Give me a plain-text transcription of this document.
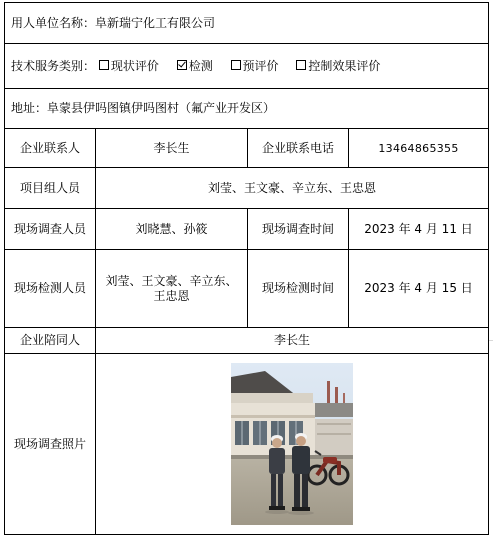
用人单位名称：阜新瑞宁化工有限公司			
技术服务类别： 现状评价 检测 预评价 控制效果评价			
地址：阜蒙县伊吗图镇伊吗图村（氟产业开发区）			
企业联系人	李长生	企业联系电话	13464865355
项目组人员	刘莹、王文豪、辛立东、王忠恩		
现场调查人员	刘晓慧、孙筱	现场调查时间	2023 年 4 月 11 日
现场检测人员	刘莹、王文豪、辛立东、王忠恩	现场检测时间	2023 年 4 月 15 日
企业陪同人	李长生		
现场调查照片	
